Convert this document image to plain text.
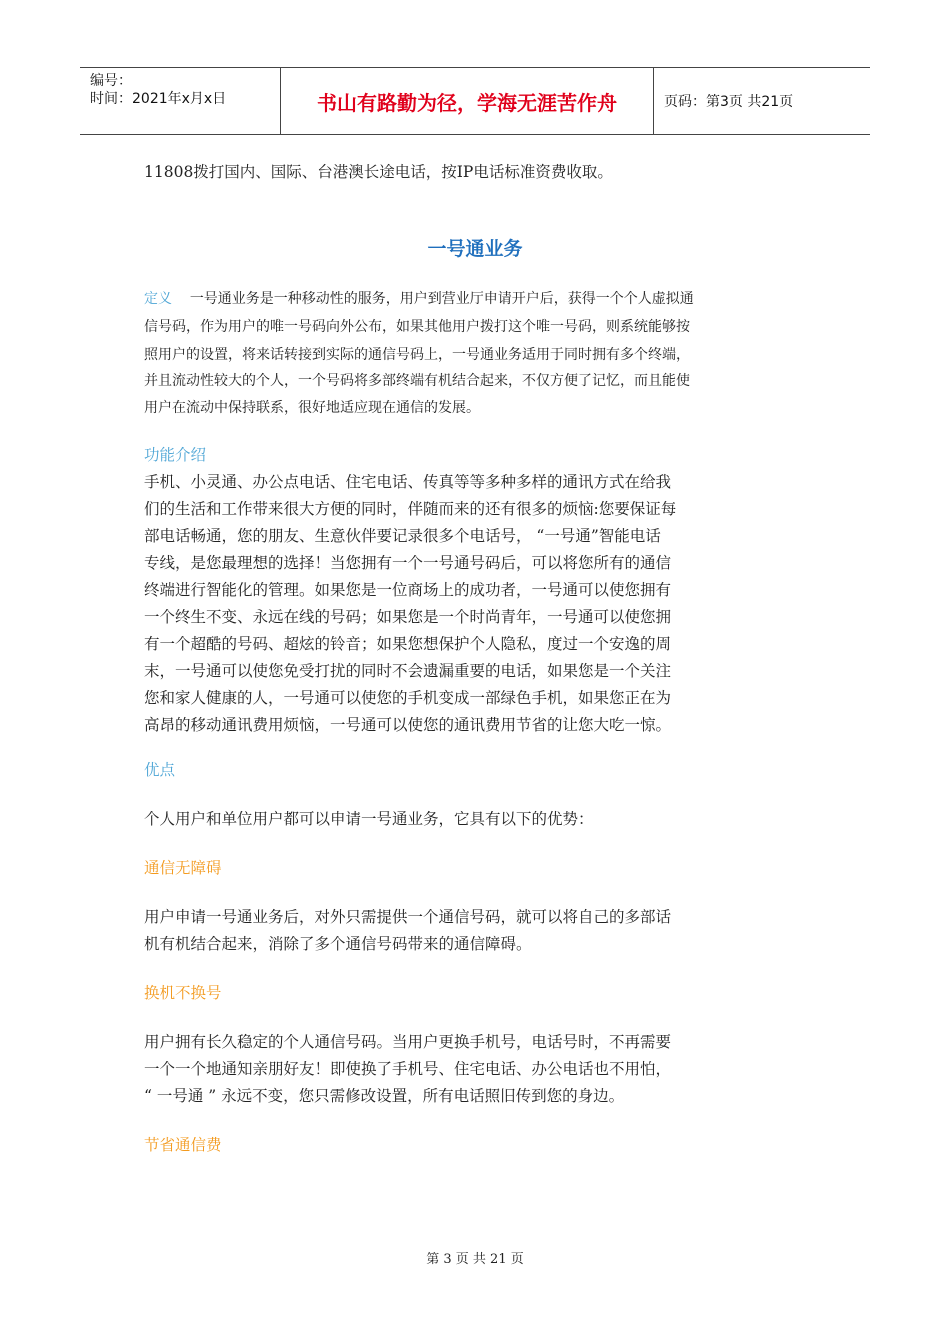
编号：
时间：2021年x月x日	书山有路勤为径，学海无涯苦作舟	页码：第3页 共21页
11808拨打国内、国际、台港澳长途电话，按IP电话标准资费收取。
一号通业务
定义 一号通业务是一种移动性的服务，用户到营业厅申请开户后，获得一个个人虚拟通
信号码，作为用户的唯一号码向外公布，如果其他用户拨打这个唯一号码，则系统能够按
照用户的设置，将来话转接到实际的通信号码上，一号通业务适用于同时拥有多个终端，
并且流动性较大的个人，一个号码将多部终端有机结合起来，不仅方便了记忆，而且能使
用户在流动中保持联系，很好地适应现在通信的发展。
功能介绍
手机、小灵通、办公点电话、住宅电话、传真等等多种多样的通讯方式在给我
们的生活和工作带来很大方便的同时，伴随而来的还有很多的烦恼:您要保证每
部电话畅通，您的朋友、生意伙伴要记录很多个电话号， “一号通”智能电话
专线，是您最理想的选择！当您拥有一个一号通号码后，可以将您所有的通信
终端进行智能化的管理。如果您是一位商场上的成功者，一号通可以使您拥有
一个终生不变、永远在线的号码；如果您是一个时尚青年，一号通可以使您拥
有一个超酷的号码、超炫的铃音；如果您想保护个人隐私，度过一个安逸的周
末，一号通可以使您免受打扰的同时不会遗漏重要的电话，如果您是一个关注
您和家人健康的人，一号通可以使您的手机变成一部绿色手机，如果您正在为
高昂的移动通讯费用烦恼，一号通可以使您的通讯费用节省的让您大吃一惊。
优点
个人用户和单位用户都可以申请一号通业务，它具有以下的优势：
通信无障碍
用户申请一号通业务后，对外只需提供一个通信号码，就可以将自己的多部话
机有机结合起来，消除了多个通信号码带来的通信障碍。
换机不换号
用户拥有长久稳定的个人通信号码。当用户更换手机号，电话号时，不再需要
一个一个地通知亲朋好友！即使换了手机号、住宅电话、办公电话也不用怕，
“ 一号通 ” 永远不变，您只需修改设置，所有电话照旧传到您的身边。
节省通信费
第 3 页 共 21 页
